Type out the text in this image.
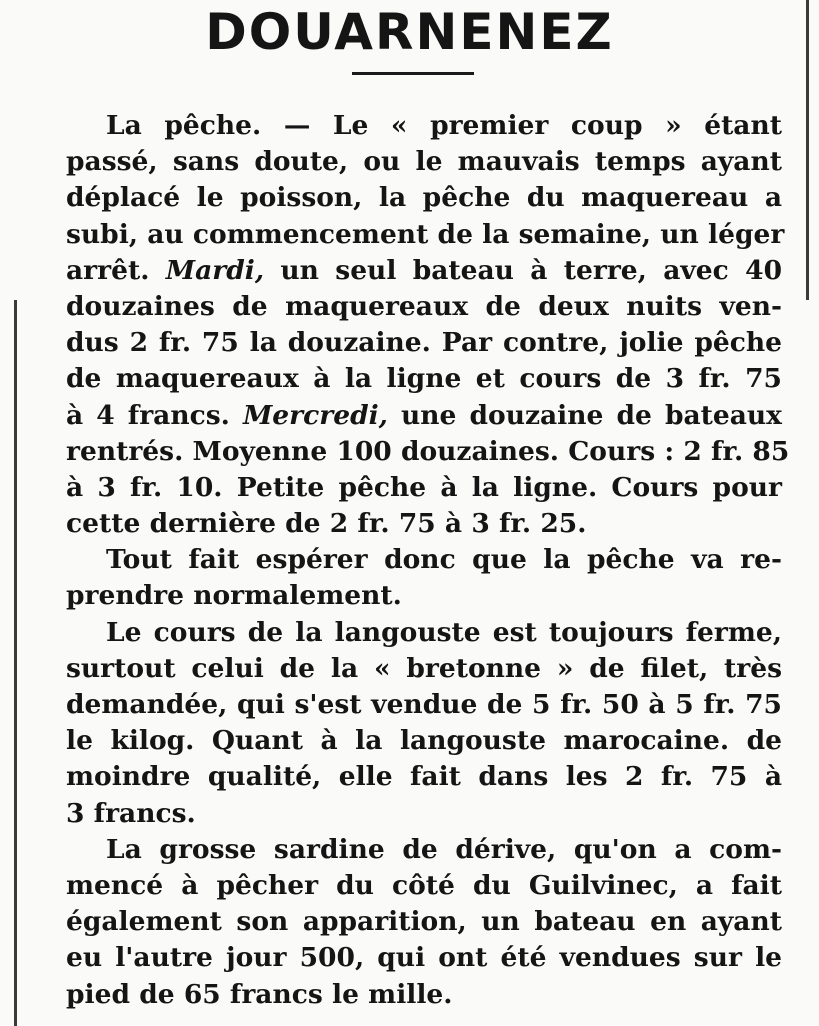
DOUARNENEZ
La pêche. — Le « premier coup » étant
passé, sans doute, ou le mauvais temps ayant
déplacé le poisson, la pêche du maquereau a
subi, au commencement de la semaine, un léger
arrêt. Mardi, un seul bateau à terre, avec 40
douzaines de maquereaux de deux nuits ven-
dus 2 fr. 75 la douzaine. Par contre, jolie pêche
de maquereaux à la ligne et cours de 3 fr. 75
à 4 francs. Mercredi, une douzaine de bateaux
rentrés. Moyenne 100 douzaines. Cours : 2 fr. 85
à 3 fr. 10. Petite pêche à la ligne. Cours pour
cette dernière de 2 fr. 75 à 3 fr. 25.
Tout fait espérer donc que la pêche va re-
prendre normalement.
Le cours de la langouste est toujours ferme,
surtout celui de la « bretonne » de filet, très
demandée, qui s'est vendue de 5 fr. 50 à 5 fr. 75
le kilog. Quant à la langouste marocaine. de
moindre qualité, elle fait dans les 2 fr. 75 à
3 francs.
La grosse sardine de dérive, qu'on a com-
mencé à pêcher du côté du Guilvinec, a fait
également son apparition, un bateau en ayant
eu l'autre jour 500, qui ont été vendues sur le
pied de 65 francs le mille.
